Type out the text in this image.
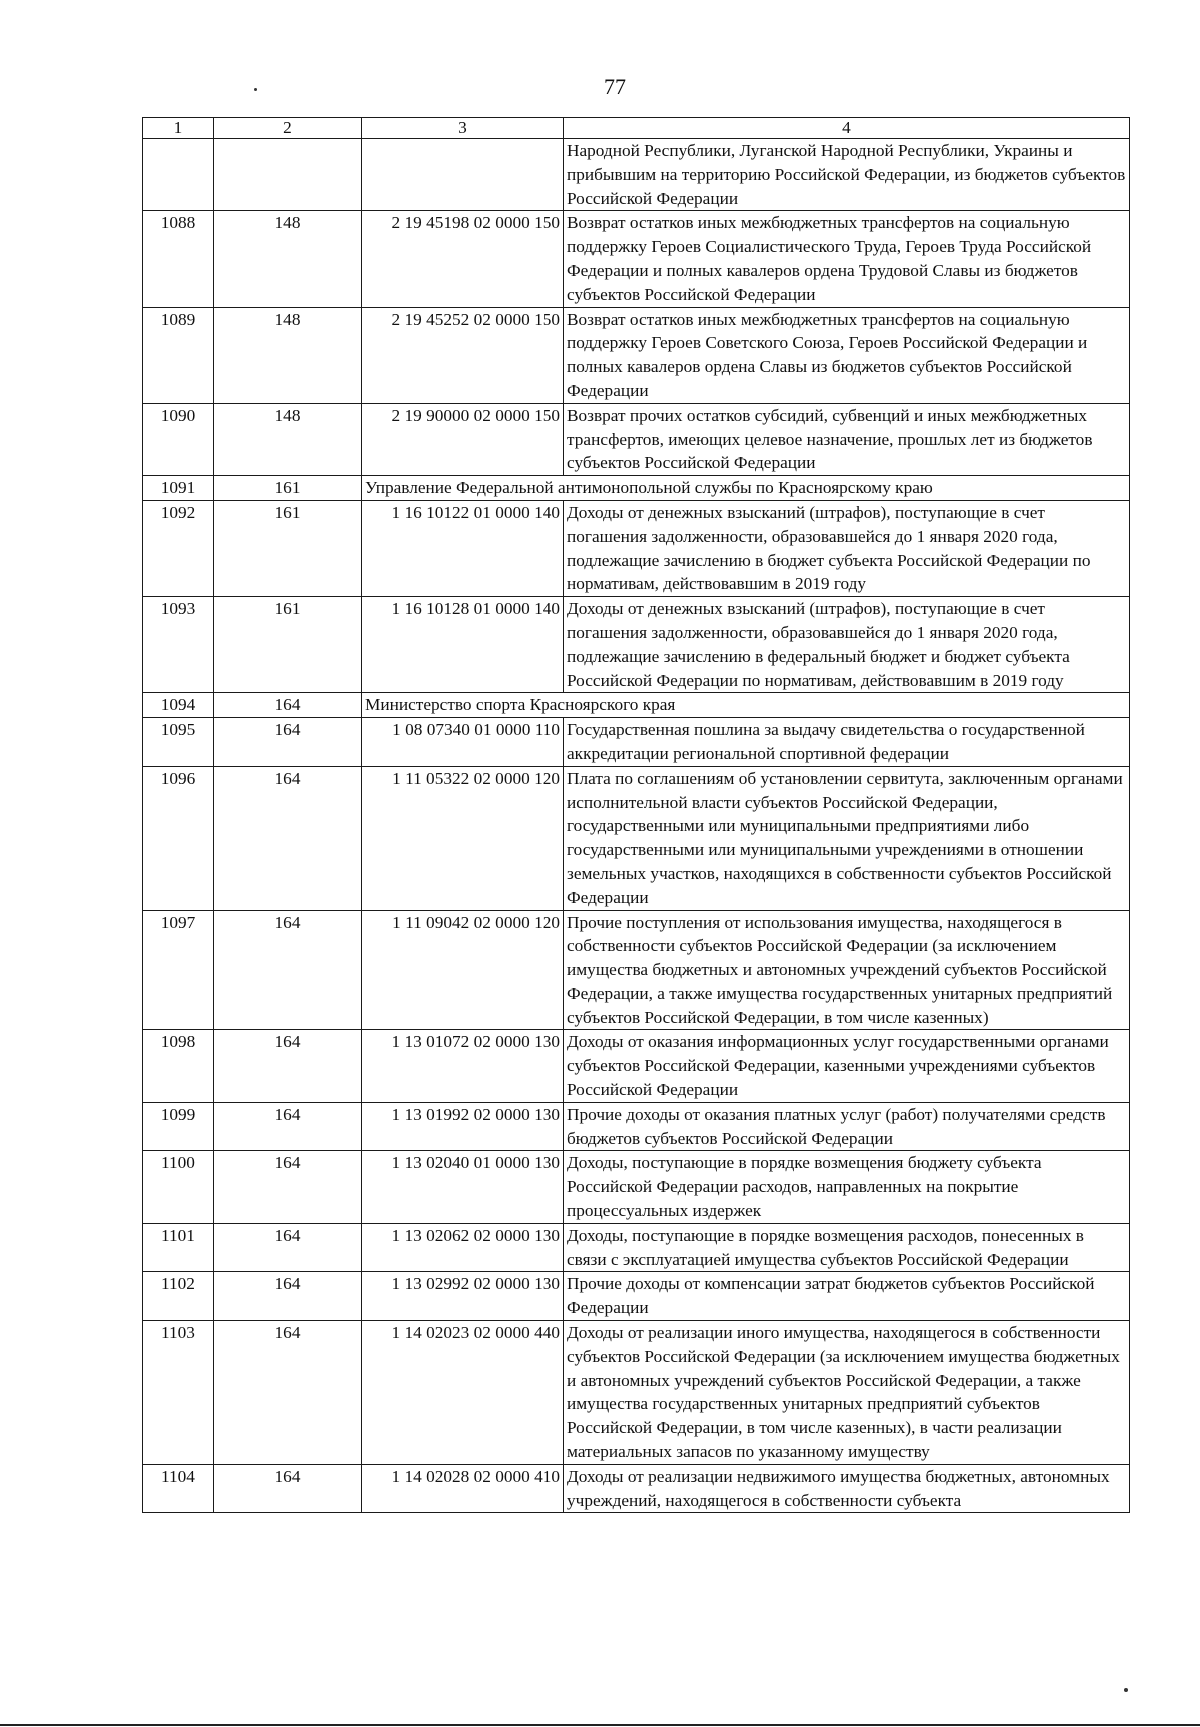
77
1	2	3	4
			Народной Республики, Луганской Народной Республики, Украины и прибывшим на территорию Российской Федерации, из бюджетов субъектов Российской Федерации
1088	148	2 19 45198 02 0000 150	Возврат остатков иных межбюджетных трансфертов на социальную поддержку Героев Социалистического Труда, Героев Труда Российской Федерации и полных кавалеров ордена Трудовой Славы из бюджетов субъектов Российской Федерации
1089	148	2 19 45252 02 0000 150	Возврат остатков иных межбюджетных трансфертов на социальную поддержку Героев Советского Союза, Героев Российской Федерации и полных кавалеров ордена Славы из бюджетов субъектов Российской Федерации
1090	148	2 19 90000 02 0000 150	Возврат прочих остатков субсидий, субвенций и иных межбюджетных трансфертов, имеющих целевое назначение, прошлых лет из бюджетов субъектов Российской Федерации
1091	161	Управление Федеральной антимонопольной службы по Красноярскому краю	
1092	161	1 16 10122 01 0000 140	Доходы от денежных взысканий (штрафов), поступающие в счет погашения задолженности, образовавшейся до 1 января 2020 года, подлежащие зачислению в бюджет субъекта Российской Федерации по нормативам, действовавшим в 2019 году
1093	161	1 16 10128 01 0000 140	Доходы от денежных взысканий (штрафов), поступающие в счет погашения задолженности, образовавшейся до 1 января 2020 года, подлежащие зачислению в федеральный бюджет и бюджет субъекта Российской Федерации по нормативам, действовавшим в 2019 году
1094	164	Министерство спорта Красноярского края	
1095	164	1 08 07340 01 0000 110	Государственная пошлина за выдачу свидетельства о государственной аккредитации региональной спортивной федерации
1096	164	1 11 05322 02 0000 120	Плата по соглашениям об установлении сервитута, заключенным органами исполнительной власти субъектов Российской Федерации, государственными или муниципальными предприятиями либо государственными или муниципальными учреждениями в отношении земельных участков, находящихся в собственности субъектов Российской Федерации
1097	164	1 11 09042 02 0000 120	Прочие поступления от использования имущества, находящегося в собственности субъектов Российской Федерации (за исключением имущества бюджетных и автономных учреждений субъектов Российской Федерации, а также имущества государственных унитарных предприятий субъектов Российской Федерации, в том числе казенных)
1098	164	1 13 01072 02 0000 130	Доходы от оказания информационных услуг государственными органами субъектов Российской Федерации, казенными учреждениями субъектов Российской Федерации
1099	164	1 13 01992 02 0000 130	Прочие доходы от оказания платных услуг (работ) получателями средств бюджетов субъектов Российской Федерации
1100	164	1 13 02040 01 0000 130	Доходы, поступающие в порядке возмещения бюджету субъекта Российской Федерации расходов, направленных на покрытие процессуальных издержек
1101	164	1 13 02062 02 0000 130	Доходы, поступающие в порядке возмещения расходов, понесенных в связи с эксплуатацией имущества субъектов Российской Федерации
1102	164	1 13 02992 02 0000 130	Прочие доходы от компенсации затрат бюджетов субъектов Российской Федерации
1103	164	1 14 02023 02 0000 440	Доходы от реализации иного имущества, находящегося в собственности субъектов Российской Федерации (за исключением имущества бюджетных и автономных учреждений субъектов Российской Федерации, а также имущества государственных унитарных предприятий субъектов Российской Федерации, в том числе казенных), в части реализации материальных запасов по указанному имуществу
1104	164	1 14 02028 02 0000 410	Доходы от реализации недвижимого имущества бюджетных, автономных учреждений, находящегося в собственности субъекта
